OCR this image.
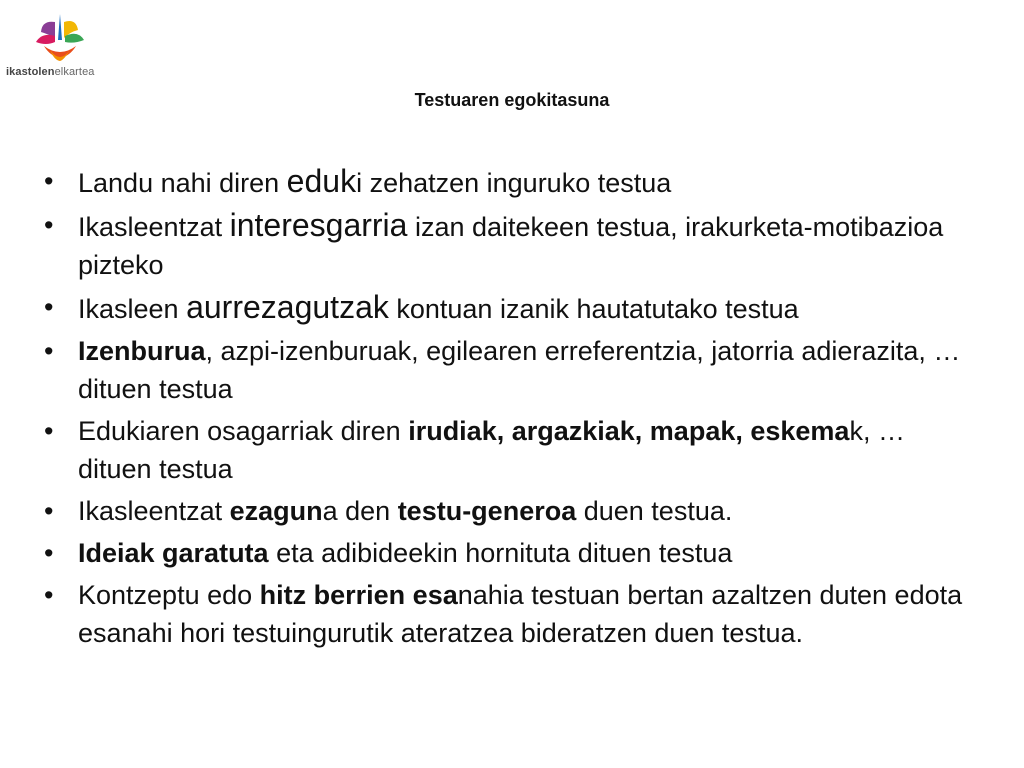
ikastolenelkartea
Testuaren egokitasuna
• Landu nahi diren eduki zehatzen inguruko testua
• Ikasleentzat interesgarria izan daitekeen testua, irakurketa-motibazioa pizteko
• Ikasleen aurrezagutzak kontuan izanik hautatutako testua
• Izenburua, azpi-izenburuak, egilearen erreferentzia, jatorria adierazita, … dituen testua
• Edukiaren osagarriak diren irudiak, argazkiak, mapak, eskemak, … dituen testua
• Ikasleentzat ezaguna den testu-generoa duen testua.
• Ideiak garatuta eta adibideekin hornituta dituen testua
• Kontzeptu edo hitz berrien esanahia testuan bertan azaltzen duten edota esanahi hori testuingurutik ateratzea bideratzen duen testua.
